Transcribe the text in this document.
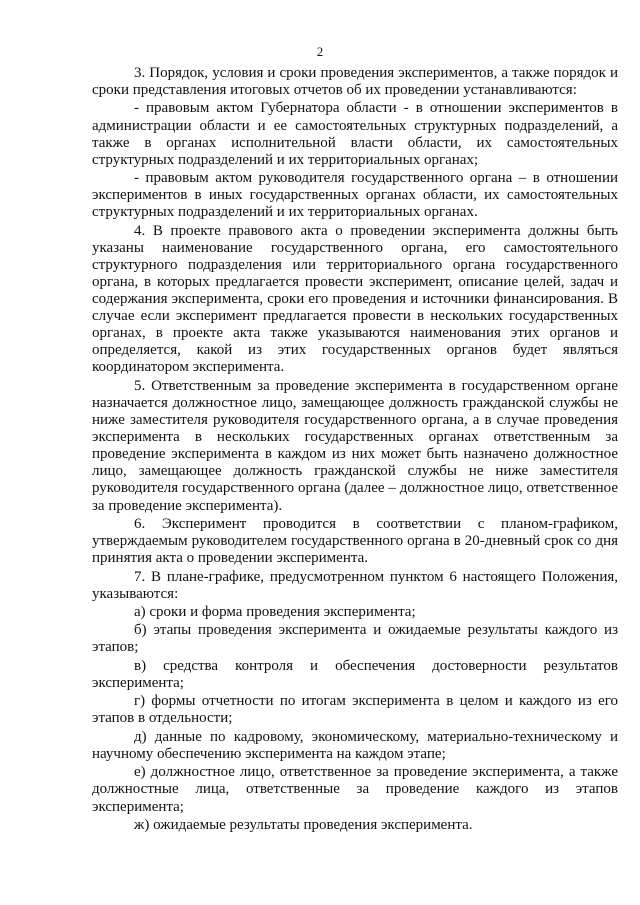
2

3. Порядок, условия и сроки проведения экспериментов, а также порядок и сроки представления итоговых отчетов об их проведении устанавливаются:

- правовым актом Губернатора области - в отношении экспериментов в администрации области и ее самостоятельных структурных подразделений, а также в органах исполнительной власти области, их самостоятельных структурных подразделений и их территориальных органах;

- правовым актом руководителя государственного органа – в отношении экспериментов в иных государственных органах области, их самостоятельных структурных подразделений и их территориальных органах.

4. В проекте правового акта о проведении эксперимента должны быть указаны наименование государственного органа, его самостоятельного структурного подразделения или территориального органа государственного органа, в которых предлагается провести эксперимент, описание целей, задач и содержания эксперимента, сроки его проведения и источники финансирования. В случае если эксперимент предлагается провести в нескольких государственных органах, в проекте акта также указываются наименования этих органов и определяется, какой из этих государственных органов будет являться координатором эксперимента.

5. Ответственным за проведение эксперимента в государственном органе назначается должностное лицо, замещающее должность гражданской службы не ниже заместителя руководителя государственного органа, а в случае проведения эксперимента в нескольких государственных органах ответственным за проведение эксперимента в каждом из них может быть назначено должностное лицо, замещающее должность гражданской службы не ниже заместителя руководителя государственного органа (далее – должностное лицо, ответственное за проведение эксперимента).

6. Эксперимент проводится в соответствии с планом-графиком, утверждаемым руководителем государственного органа в 20-дневный срок со дня принятия акта о проведении эксперимента.

7. В плане-графике, предусмотренном пунктом 6 настоящего Положения, указываются:

а) сроки и форма проведения эксперимента;

б) этапы проведения эксперимента и ожидаемые результаты каждого из этапов;

в) средства контроля и обеспечения достоверности результатов эксперимента;

г) формы отчетности по итогам эксперимента в целом и каждого из его этапов в отдельности;

д) данные по кадровому, экономическому, материально-техническому и научному обеспечению эксперимента на каждом этапе;

е) должностное лицо, ответственное за проведение эксперимента, а также должностные лица, ответственные за проведение каждого из этапов эксперимента;

ж) ожидаемые результаты проведения эксперимента.
